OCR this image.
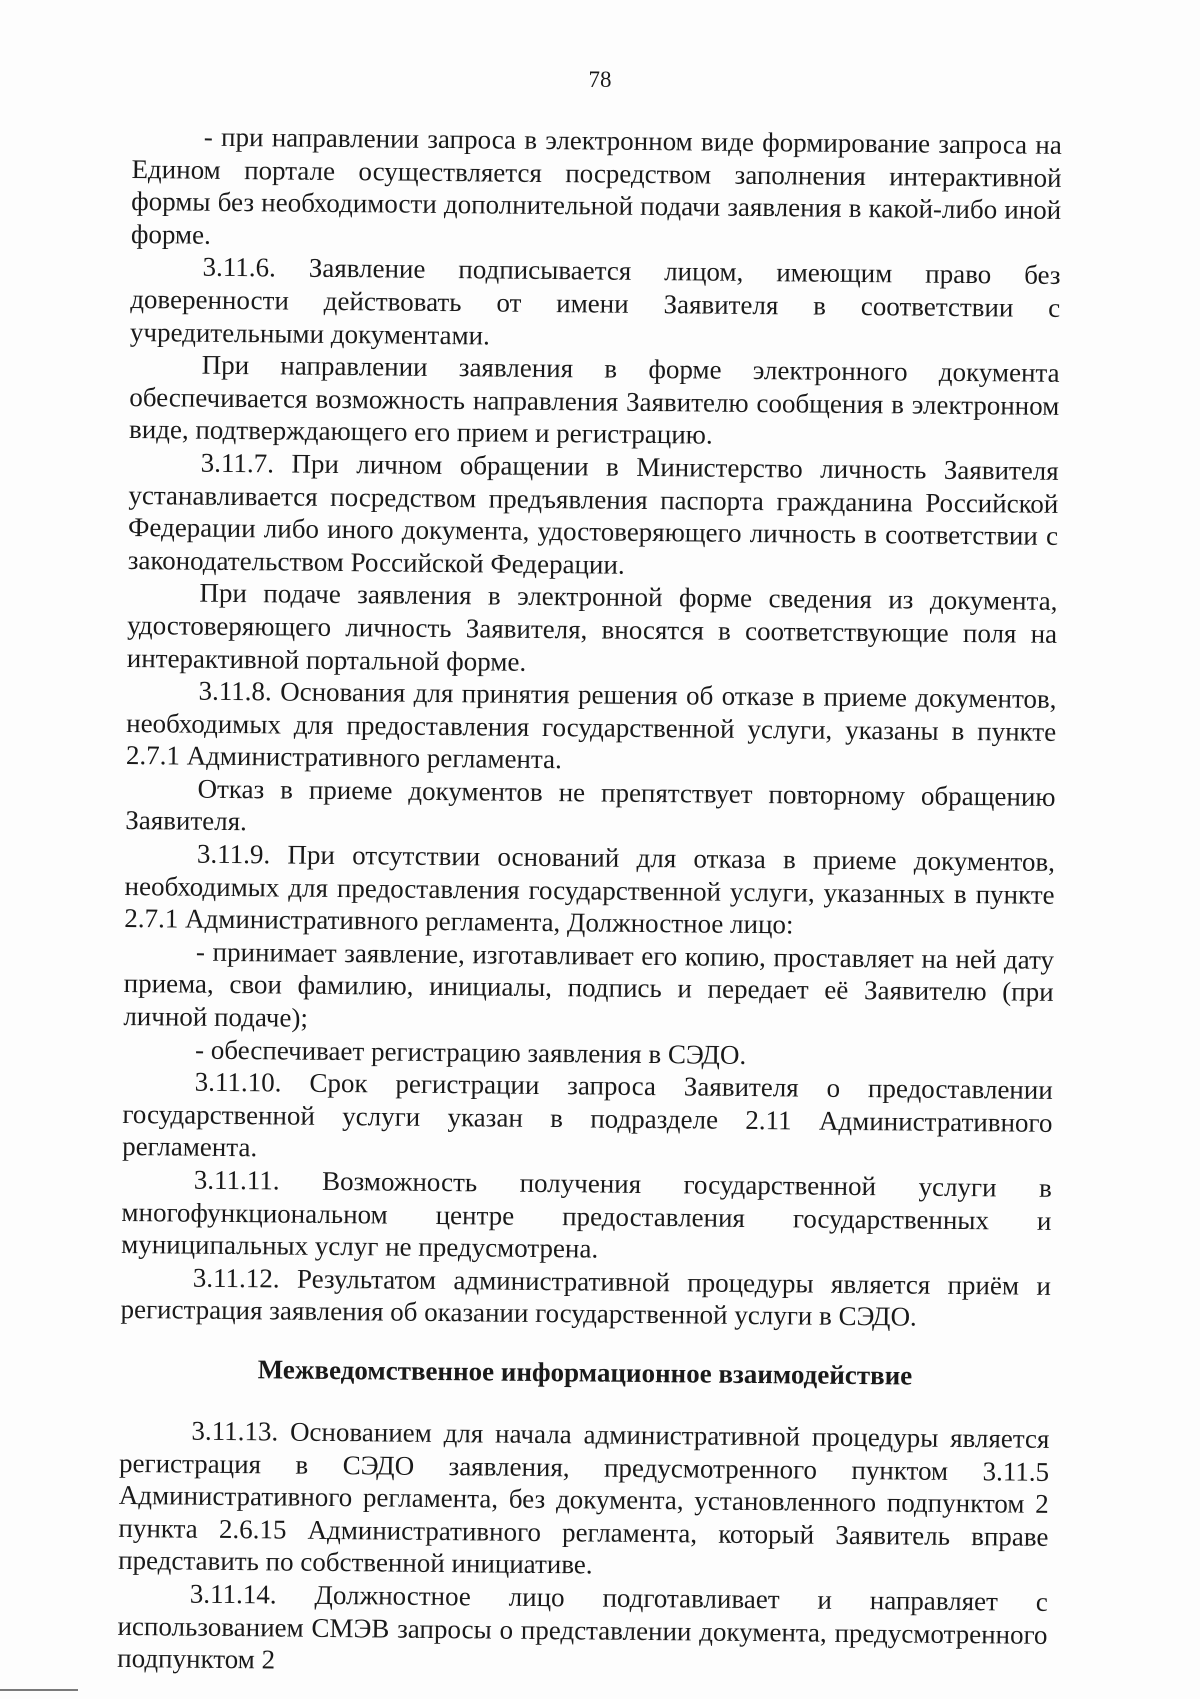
78

- при направлении запроса в электронном виде формирование запроса на Едином портале осуществляется посредством заполнения интерактивной формы без необходимости дополнительной подачи заявления в какой-либо иной форме.

3.11.6. Заявление подписывается лицом, имеющим право без доверенности действовать от имени Заявителя в соответствии с учредительными документами.

При направлении заявления в форме электронного документа обеспечивается возможность направления Заявителю сообщения в электронном виде, подтверждающего его прием и регистрацию.

3.11.7. При личном обращении в Министерство личность Заявителя устанавливается посредством предъявления паспорта гражданина Российской Федерации либо иного документа, удостоверяющего личность в соответствии с законодательством Российской Федерации.

При подаче заявления в электронной форме сведения из документа, удостоверяющего личность Заявителя, вносятся в соответствующие поля на интерактивной портальной форме.

3.11.8. Основания для принятия решения об отказе в приеме документов, необходимых для предоставления государственной услуги, указаны в пункте 2.7.1 Административного регламента.

Отказ в приеме документов не препятствует повторному обращению Заявителя.

3.11.9. При отсутствии оснований для отказа в приеме документов, необходимых для предоставления государственной услуги, указанных в пункте 2.7.1 Административного регламента, Должностное лицо:

- принимает заявление, изготавливает его копию, проставляет на ней дату приема, свои фамилию, инициалы, подпись и передает её Заявителю (при личной подаче);

- обеспечивает регистрацию заявления в СЭДО.

3.11.10. Срок регистрации запроса Заявителя о предоставлении государственной услуги указан в подразделе 2.11 Административного регламента.

3.11.11. Возможность получения государственной услуги в многофункциональном центре предоставления государственных и муниципальных услуг не предусмотрена.

3.11.12. Результатом административной процедуры является приём и регистрация заявления об оказании государственной услуги в СЭДО.

Межведомственное информационное взаимодействие

3.11.13. Основанием для начала административной процедуры является регистрация в СЭДО заявления, предусмотренного пунктом 3.11.5 Административного регламента, без документа, установленного подпунктом 2 пункта 2.6.15 Административного регламента, который Заявитель вправе представить по собственной инициативе.

3.11.14. Должностное лицо подготавливает и направляет с использованием СМЭВ запросы о представлении документа, предусмотренного подпунктом 2
